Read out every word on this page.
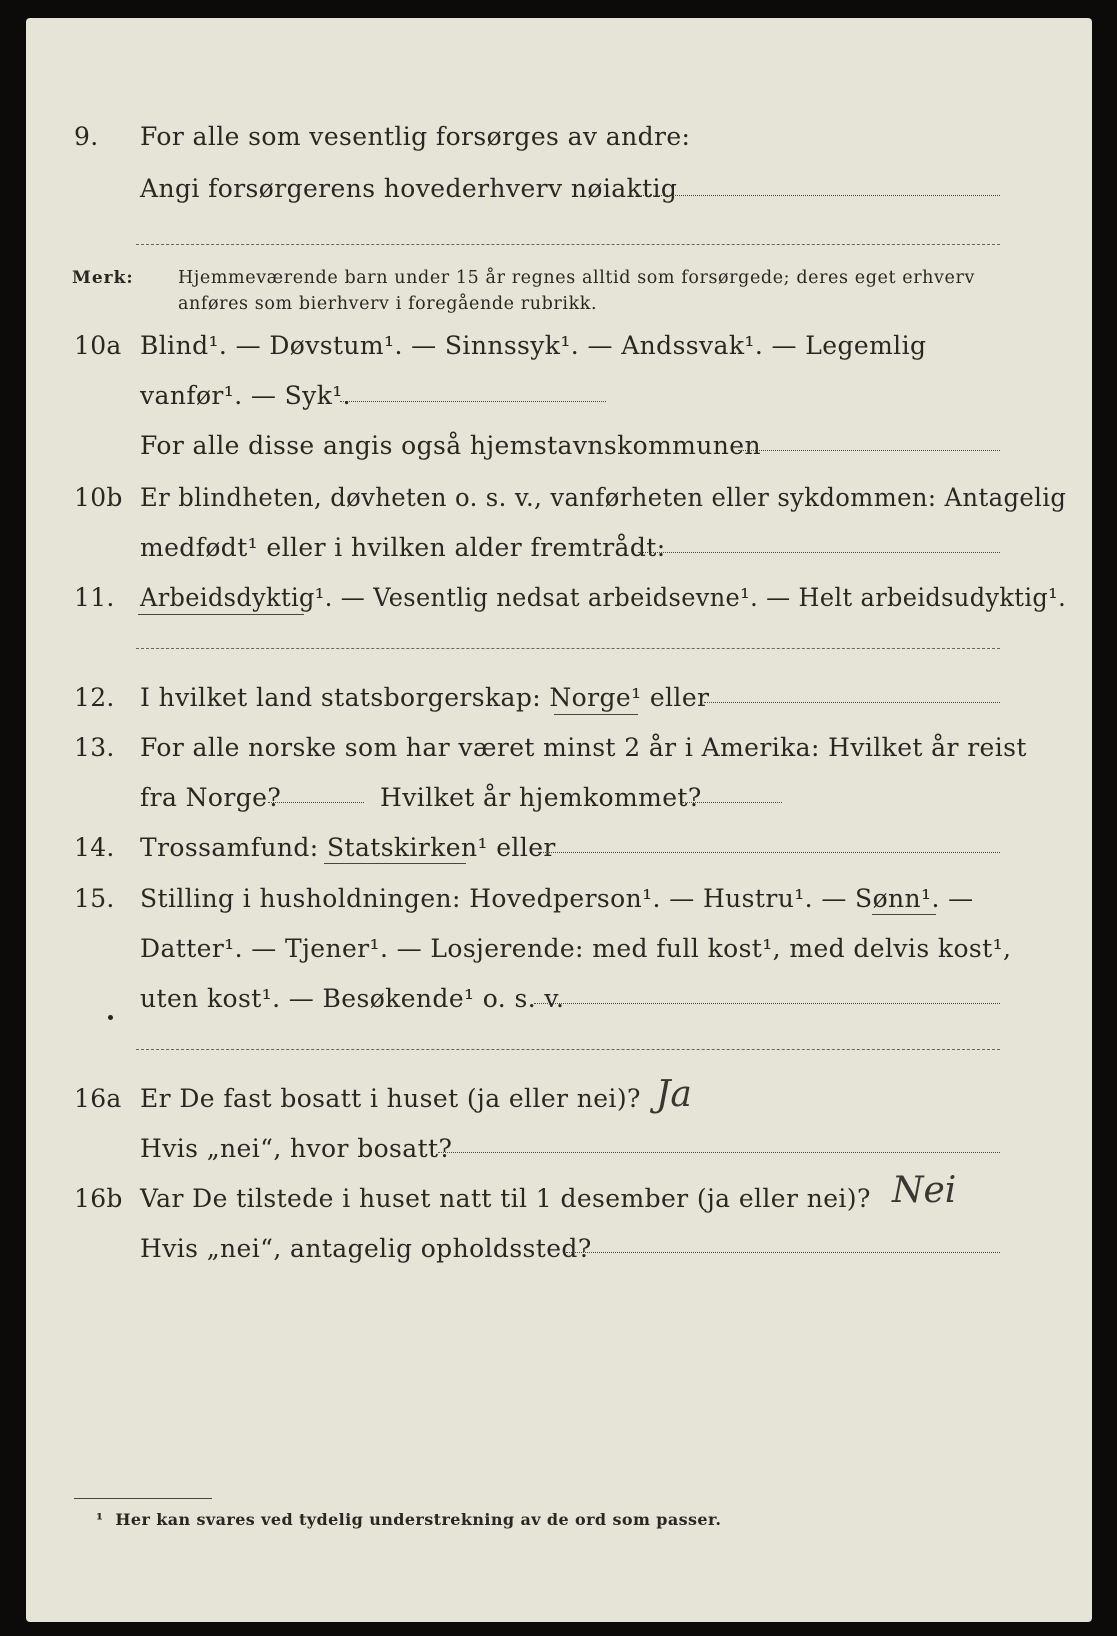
9. For alle som vesentlig forsørges av andre:
Angi forsørgerens hovederhverv nøiaktig
Merk:	Hjemmeværende barn under 15 år regnes alltid som forsørgede; deres eget erhverv
anføres som bierhverv i foregående rubrikk.
10a Blind¹. — Døvstum¹. — Sinnssyk¹. — Andssvak¹. — Legemlig
vanfør¹. — Syk¹.
For alle disse angis også hjemstavnskommunen
10b Er blindheten, døvheten o. s. v., vanførheten eller sykdommen: Antagelig
medfødt¹ eller i hvilken alder fremtrådt:
11. Arbeidsdyktig¹. — Vesentlig nedsat arbeidsevne¹. — Helt arbeidsudyktig¹.
12. I hvilket land statsborgerskap: Norge¹ eller
13. For alle norske som har været minst 2 år i Amerika: Hvilket år reist
fra Norge?	Hvilket år hjemkommet?
14. Trossamfund: Statskirken¹ eller
15. Stilling i husholdningen: Hovedperson¹. — Hustru¹. — Sønn¹. —
Datter¹. — Tjener¹. — Losjerende: med full kost¹, med delvis kost¹,
uten kost¹. — Besøkende¹ o. s. v.
16a Er De fast bosatt i huset (ja eller nei)? Ja
Hvis „nei“, hvor bosatt?
16b Var De tilstede i huset natt til 1 desember (ja eller nei)? Nei
Hvis „nei“, antagelig opholdssted?
¹ Her kan svares ved tydelig understrekning av de ord som passer.
